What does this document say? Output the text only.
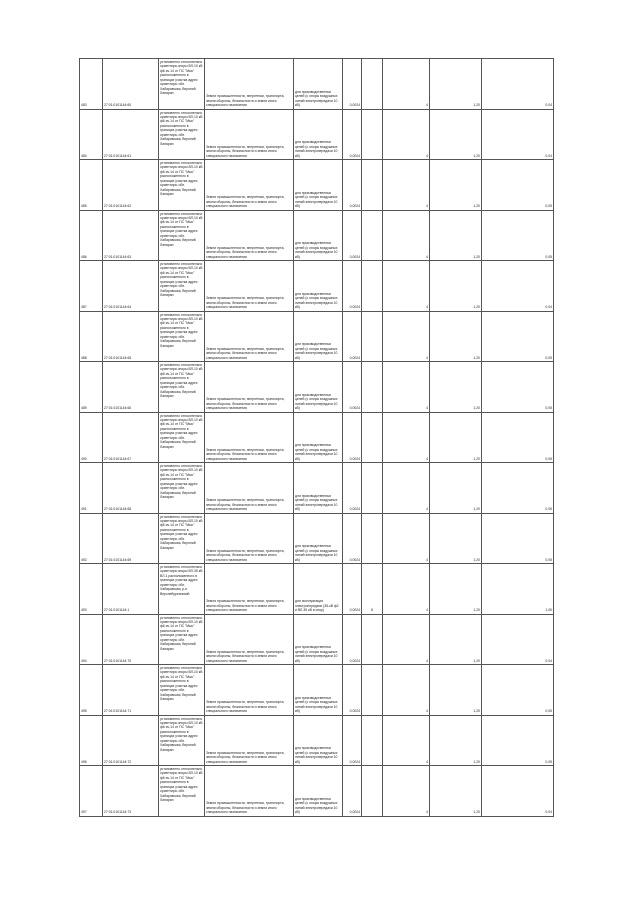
483	27:01:0101144:60	установлено относительно ориентира опоры ВЛ-10 кВ ф6 яч.14 от ПС "Мыс" расположенного в границах участка адрес ориентира: обл. Хабаровская, Верхний Ланаран	Земли промышленности, энергетики, транспорта, земли обороны, безопасности и земли иного специального назначения	для производственных целей (с опоры воздушных линий электропередачи 10 кВ)	0,0024		4	1,20	0,04
484	27:01:0101144:61	установлено относительно ориентира опоры ВЛ-10 кВ ф6 яч.14 от ПС "Мыс" расположенного в границах участка адрес ориентира: обл. Хабаровская, Верхний Ланаран	Земли промышленности, энергетики, транспорта, земли обороны, безопасности и земли иного специального назначения	для производственных целей (с опоры воздушных линий электропередачи 10 кВ)	0,0024		4	1,20	0,04
485	27:01:0101144:62	установлено относительно ориентира опоры ВЛ-10 кВ ф6 яч.14 от ПС "Мыс" расположенного в границах участка адрес ориентира: обл. Хабаровская, Верхний Ланаран	Земли промышленности, энергетики, транспорта, земли обороны, безопасности и земли иного специального назначения	для производственных целей (с опоры воздушных линий электропередачи 10 кВ)	0,0024		4	1,20	0,05
486	27:01:0101144:63	установлено относительно ориентира опоры ВЛ-10 кВ ф6 яч.14 от ПС "Мыс" расположенного в границах участка адрес ориентира: обл. Хабаровская, Верхний Ланаран	Земли промышленности, энергетики, транспорта, земли обороны, безопасности и земли иного специального назначения	для производственных целей (с опоры воздушных линий электропередачи 10 кВ)	0,0024		4	1,20	0,05
487	27:01:0101144:64	установлено относительно ориентира опоры ВЛ-10 кВ ф6 яч.14 от ПС "Мыс" расположенного в границах участка адрес ориентира: обл. Хабаровская, Верхний Ланаран	Земли промышленности, энергетики, транспорта, земли обороны, безопасности и земли иного специального назначения	для производственных целей (с опоры воздушных линий электропередачи 10 кВ)	0,0024		4	1,20	0,04
488	27:01:0101144:65	установлено относительно ориентира опоры ВЛ-10 кВ ф6 яч.14 от ПС "Мыс" расположенного в границах участка адрес ориентира: обл. Хабаровская, Верхний Ланаран	Земли промышленности, энергетики, транспорта, земли обороны, безопасности и земли иного специального назначения	для производственных целей (с опоры воздушных линий электропередачи 10 кВ)	0,0024		4	1,20	0,05
489	27:01:0101144:66	установлено относительно ориентира опоры ВЛ-10 кВ ф6 яч.14 от ПС "Мыс" расположенного в границах участка адрес ориентира: обл. Хабаровская, Верхний Ланаран	Земли промышленности, энергетики, транспорта, земли обороны, безопасности и земли иного специального назначения	для производственных целей (с опоры воздушных линий электропередачи 10 кВ)	0,0024		4	1,20	0,05
490	27:01:0101144:67	установлено относительно ориентира опоры ВЛ-10 кВ ф6 яч.14 от ПС "Мыс" расположенного в границах участка адрес ориентира: обл. Хабаровская, Верхний Ланаран	Земли промышленности, энергетики, транспорта, земли обороны, безопасности и земли иного специального назначения	для производственных целей (с опоры воздушных линий электропередачи 10 кВ)	0,0024		4	1,20	0,05
491	27:01:0101144:68	установлено относительно ориентира опоры ВЛ-10 кВ ф6 яч.14 от ПС "Мыс" расположенного в границах участка адрес ориентира: обл. Хабаровская, Верхний Ланаран	Земли промышленности, энергетики, транспорта, земли обороны, безопасности и земли иного специального назначения	для производственных целей (с опоры воздушных линий электропередачи 10 кВ)	0,0024		4	1,20	0,05
492	27:01:0101144:69	установлено относительно ориентира опоры ВЛ-10 кВ ф6 яч.14 от ПС "Мыс" расположенного в границах участка адрес ориентира: обл. Хабаровская, Верхний Ланаран	Земли промышленности, энергетики, транспорта, земли обороны, безопасности и земли иного специального назначения	для производственных целей (с опоры воздушных линий электропередачи 10 кВ)	0,0024		4	1,20	0,05
493	27:01:0101144:1	установлено относительно ориентира опоры ВЛ-35 кВ ВЛ-1 расположенного в границах участка адрес ориентира: обл. Хабаровская, р-н Верхнебуреинский	Земли промышленности, энергетики, транспорта, земли обороны, безопасности и земли иного специального назначения	для эксплуатации электропередачи (35-кВ ф2 и ВЛ-35 кВ в опор)	0,0024	8	4	1,20	1,00
494	27:01:0101144:70	установлено относительно ориентира опоры ВЛ-10 кВ ф6 яч.14 от ПС "Мыс" расположенного в границах участка адрес ориентира: обл. Хабаровская, Верхний Ланаран	Земли промышленности, энергетики, транспорта, земли обороны, безопасности и земли иного специального назначения	для производственных целей (с опоры воздушных линий электропередачи 10 кВ)	0,0024		4	1,20	0,04
495	27:01:0101144:71	установлено относительно ориентира опоры ВЛ-10 кВ ф6 яч.14 от ПС "Мыс" расположенного в границах участка адрес ориентира: обл. Хабаровская, Верхний Ланаран	Земли промышленности, энергетики, транспорта, земли обороны, безопасности и земли иного специального назначения	для производственных целей (с опоры воздушных линий электропередачи 10 кВ)	0,0024		4	1,20	0,05
496	27:01:0101144:72	установлено относительно ориентира опоры ВЛ-10 кВ ф6 яч.14 от ПС "Мыс" расположенного в границах участка адрес ориентира: обл. Хабаровская, Верхний Ланаран	Земли промышленности, энергетики, транспорта, земли обороны, безопасности и земли иного специального назначения	для производственных целей (с опоры воздушных линий электропередачи 10 кВ)	0,0024		4	1,20	0,05
497	27:01:0101144:73	установлено относительно ориентира опоры ВЛ-10 кВ ф6 яч.14 от ПС "Мыс" расположенного в границах участка адрес ориентира: обл. Хабаровская, Верхний Ланаран	Земли промышленности, энергетики, транспорта, земли обороны, безопасности и земли иного специального назначения	для производственных целей (с опоры воздушных линий электропередачи 10 кВ)	0,0024		4	1,20	0,04
